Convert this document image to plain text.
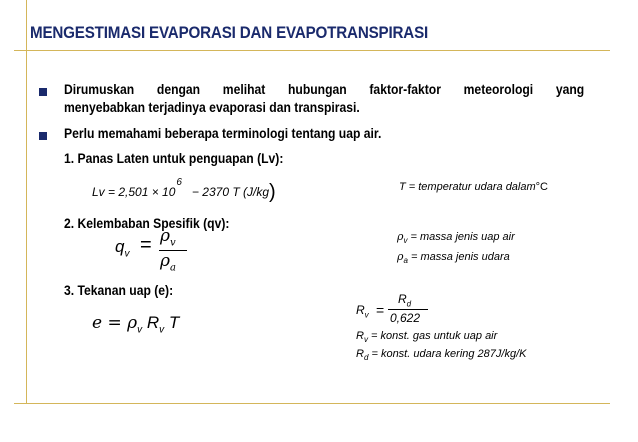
MENGESTIMASI EVAPORASI DAN EVAPOTRANSPIRASI
Dirumuskan dengan melihat hubungan faktor-faktor meteorologi yang
menyebabkan terjadinya evaporasi dan transpirasi.
Perlu memahami beberapa terminologi tentang uap air.
1. Panas Laten untuk penguapan (Lv):
$Lv = 2,501 \times 10^6- 2370$ T (J/kg)	T = temperatur udara dalam°C
2. Kelembaban Spesifik (qv):
$q_v = \rho_v$
$\rho_a$
$\rho_v$ = massa jenis uap air
$\rho_a$ = massa jenis udara
3. Tekanan uap (e):
$e = \rho_v$ $R_v$ T
$R_v$ =
$R_d$
0,622
$R_v$ = konst. gas untuk uap air
$R_d$ = konst. udara kering 287J/kg/K
